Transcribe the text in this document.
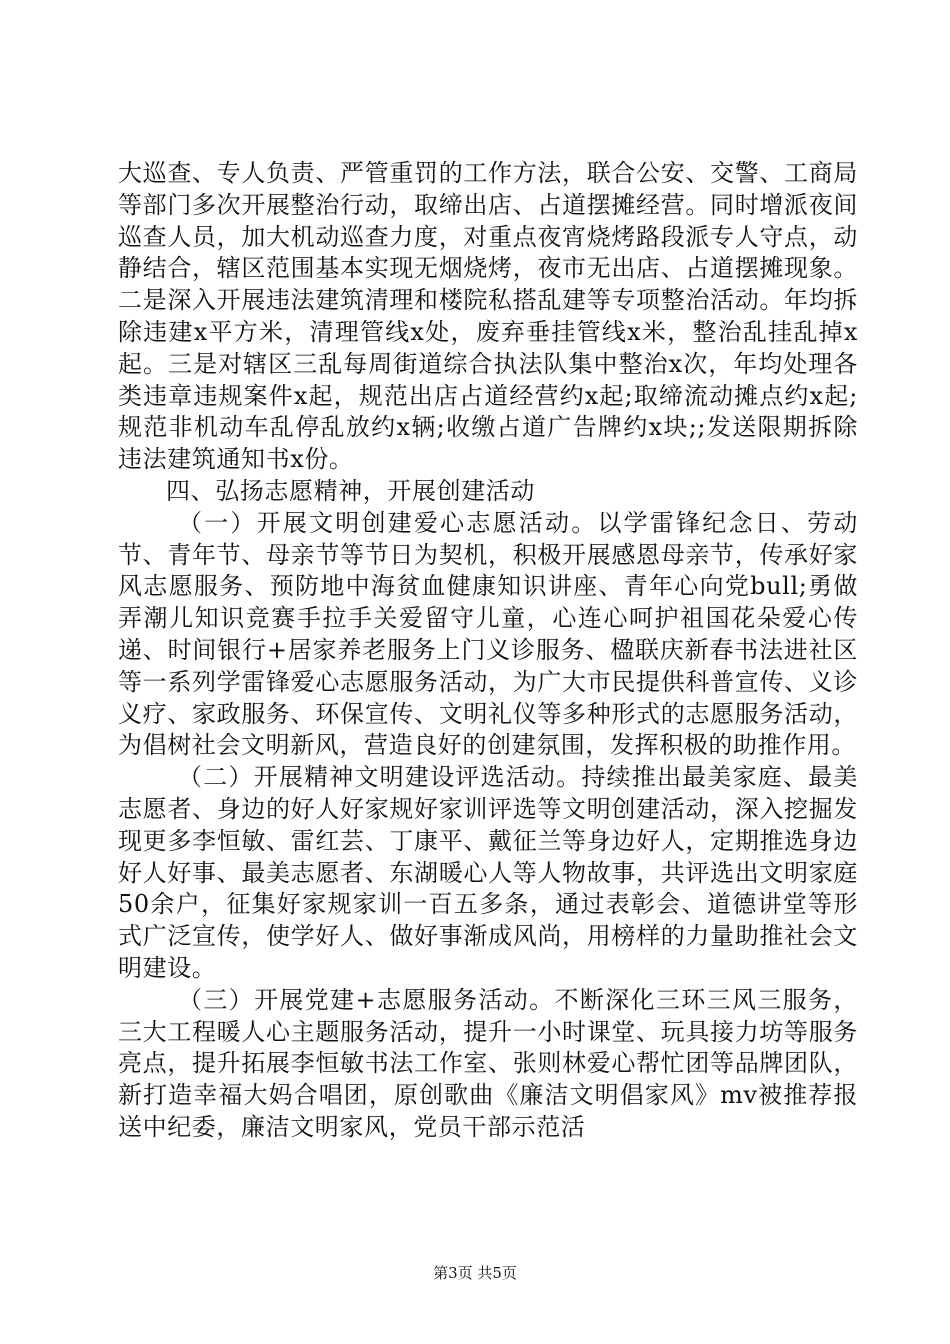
大巡查、专人负责、严管重罚的工作方法，联合公安、交警、工商局等部门多次开展整治行动，取缔出店、占道摆摊经营。同时增派夜间巡查人员，加大机动巡查力度，对重点夜宵烧烤路段派专人守点，动静结合，辖区范围基本实现无烟烧烤，夜市无出店、占道摆摊现象。二是深入开展违法建筑清理和楼院私搭乱建等专项整治活动。年均拆除违建x平方米，清理管线x处，废弃垂挂管线x米，整治乱挂乱掉x起。三是对辖区三乱每周街道综合执法队集中整治x次，年均处理各类违章违规案件x起，规范出店占道经营约x起;取缔流动摊点约x起;规范非机动车乱停乱放约x辆;收缴占道广告牌约x块;;发送限期拆除违法建筑通知书x份。

四、弘扬志愿精神，开展创建活动

（一）开展文明创建爱心志愿活动。以学雷锋纪念日、劳动节、青年节、母亲节等节日为契机，积极开展感恩母亲节，传承好家风志愿服务、预防地中海贫血健康知识讲座、青年心向党bull;勇做弄潮儿知识竞赛手拉手关爱留守儿童，心连心呵护祖国花朵爱心传递、时间银行+居家养老服务上门义诊服务、楹联庆新春书法进社区等一系列学雷锋爱心志愿服务活动，为广大市民提供科普宣传、义诊义疗、家政服务、环保宣传、文明礼仪等多种形式的志愿服务活动，为倡树社会文明新风，营造良好的创建氛围，发挥积极的助推作用。

（二）开展精神文明建设评选活动。持续推出最美家庭、最美志愿者、身边的好人好家规好家训评选等文明创建活动，深入挖掘发现更多李恒敏、雷红芸、丁康平、戴征兰等身边好人，定期推选身边好人好事、最美志愿者、东湖暖心人等人物故事，共评选出文明家庭50余户，征集好家规家训一百五多条，通过表彰会、道德讲堂等形式广泛宣传，使学好人、做好事渐成风尚，用榜样的力量助推社会文明建设。

（三）开展党建+志愿服务活动。不断深化三环三风三服务，三大工程暖人心主题服务活动，提升一小时课堂、玩具接力坊等服务亮点，提升拓展李恒敏书法工作室、张则林爱心帮忙团等品牌团队，新打造幸福大妈合唱团，原创歌曲《廉洁文明倡家风》mv被推荐报送中纪委，廉洁文明家风，党员干部示范活

第3页 共5页
